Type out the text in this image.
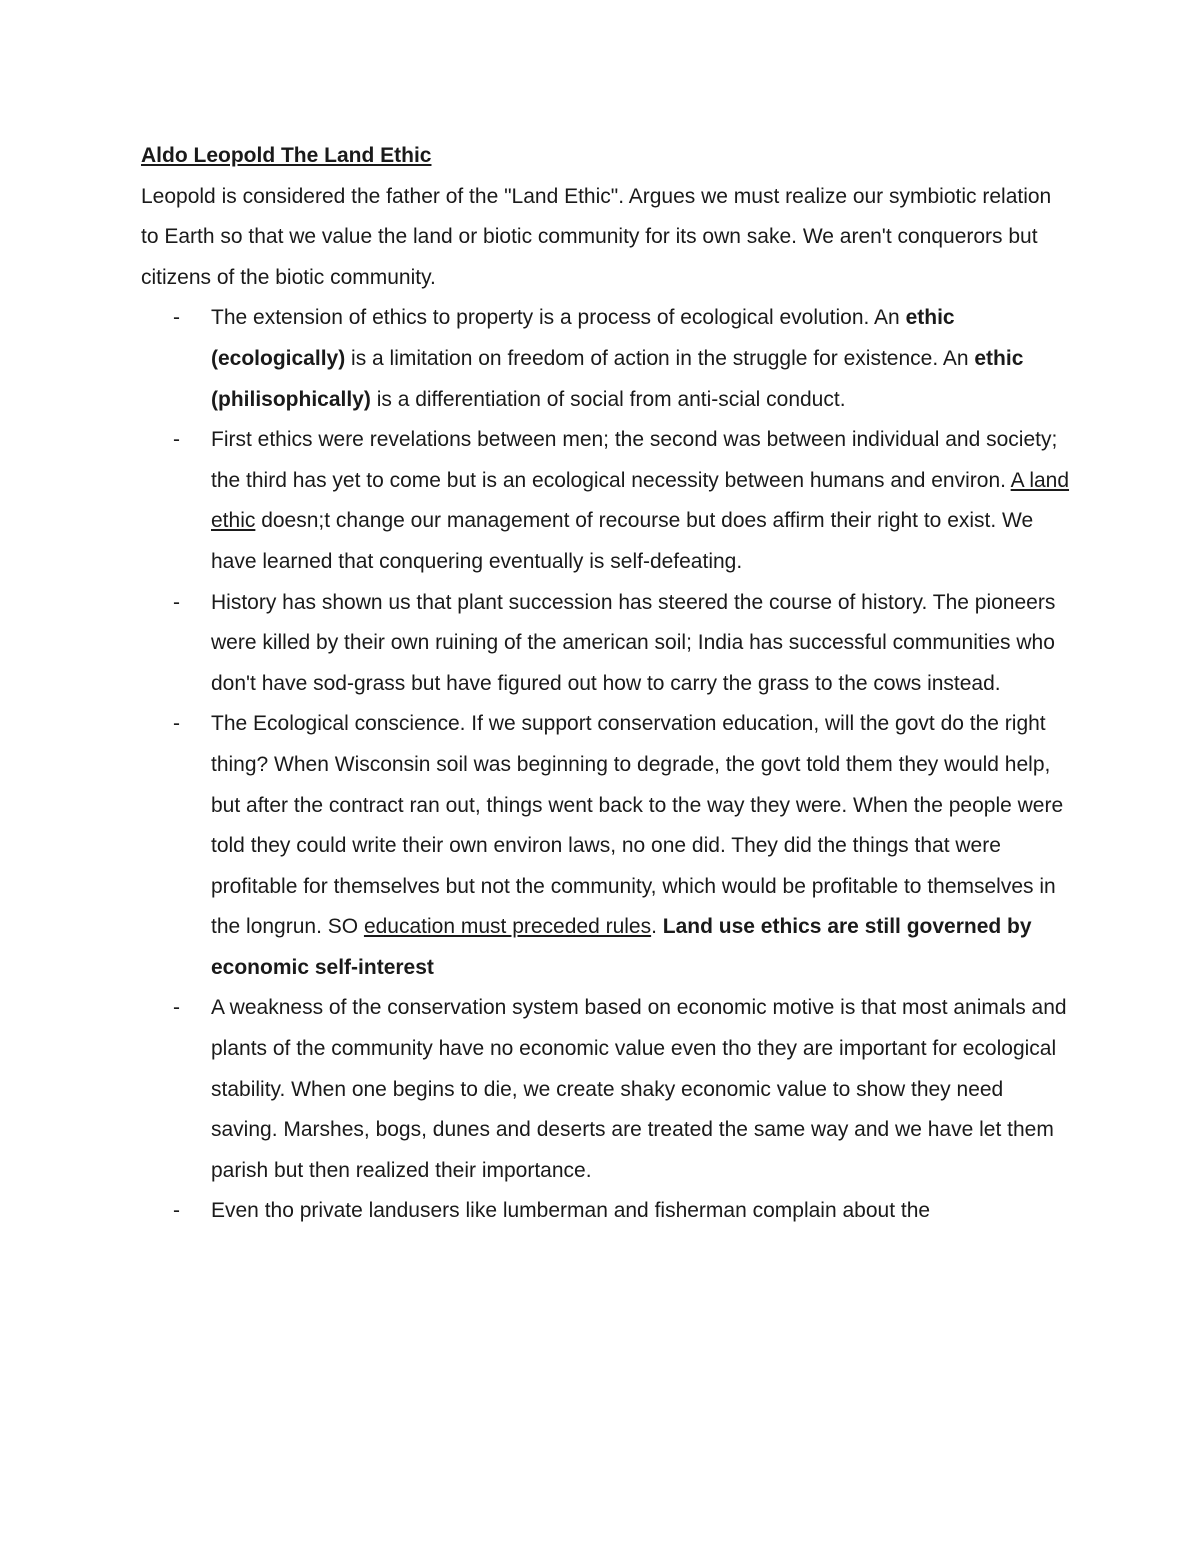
Aldo Leopold The Land Ethic

Leopold is considered the father of the "Land Ethic". Argues we must realize our symbiotic relation to Earth so that we value the land or biotic community for its own sake. We aren't conquerors but citizens of the biotic community.

- The extension of ethics to property is a process of ecological evolution. An ethic (ecologically) is a limitation on freedom of action in the struggle for existence. An ethic (philisophically) is a differentiation of social from anti-scial conduct.
- First ethics were revelations between men; the second was between individual and society; the third has yet to come but is an ecological necessity between humans and environ. A land ethic doesn;t change our management of recourse but does affirm their right to exist. We have learned that conquering eventually is self-defeating.
- History has shown us that plant succession has steered the course of history. The pioneers were killed by their own ruining of the american soil; India has successful communities who don't have sod-grass but have figured out how to carry the grass to the cows instead.
- The Ecological conscience. If we support conservation education, will the govt do the right thing? When Wisconsin soil was beginning to degrade, the govt told them they would help, but after the contract ran out, things went back to the way they were. When the people were told they could write their own environ laws, no one did. They did the things that were profitable for themselves but not the community, which would be profitable to themselves in the longrun. SO education must preceded rules. Land use ethics are still governed by economic self-interest
- A weakness of the conservation system based on economic motive is that most animals and plants of the community have no economic value even tho they are important for ecological stability. When one begins to die, we create shaky economic value to show they need saving. Marshes, bogs, dunes and deserts are treated the same way and we have let them parish but then realized their importance.
- Even tho private landusers like lumberman and fisherman complain about the
